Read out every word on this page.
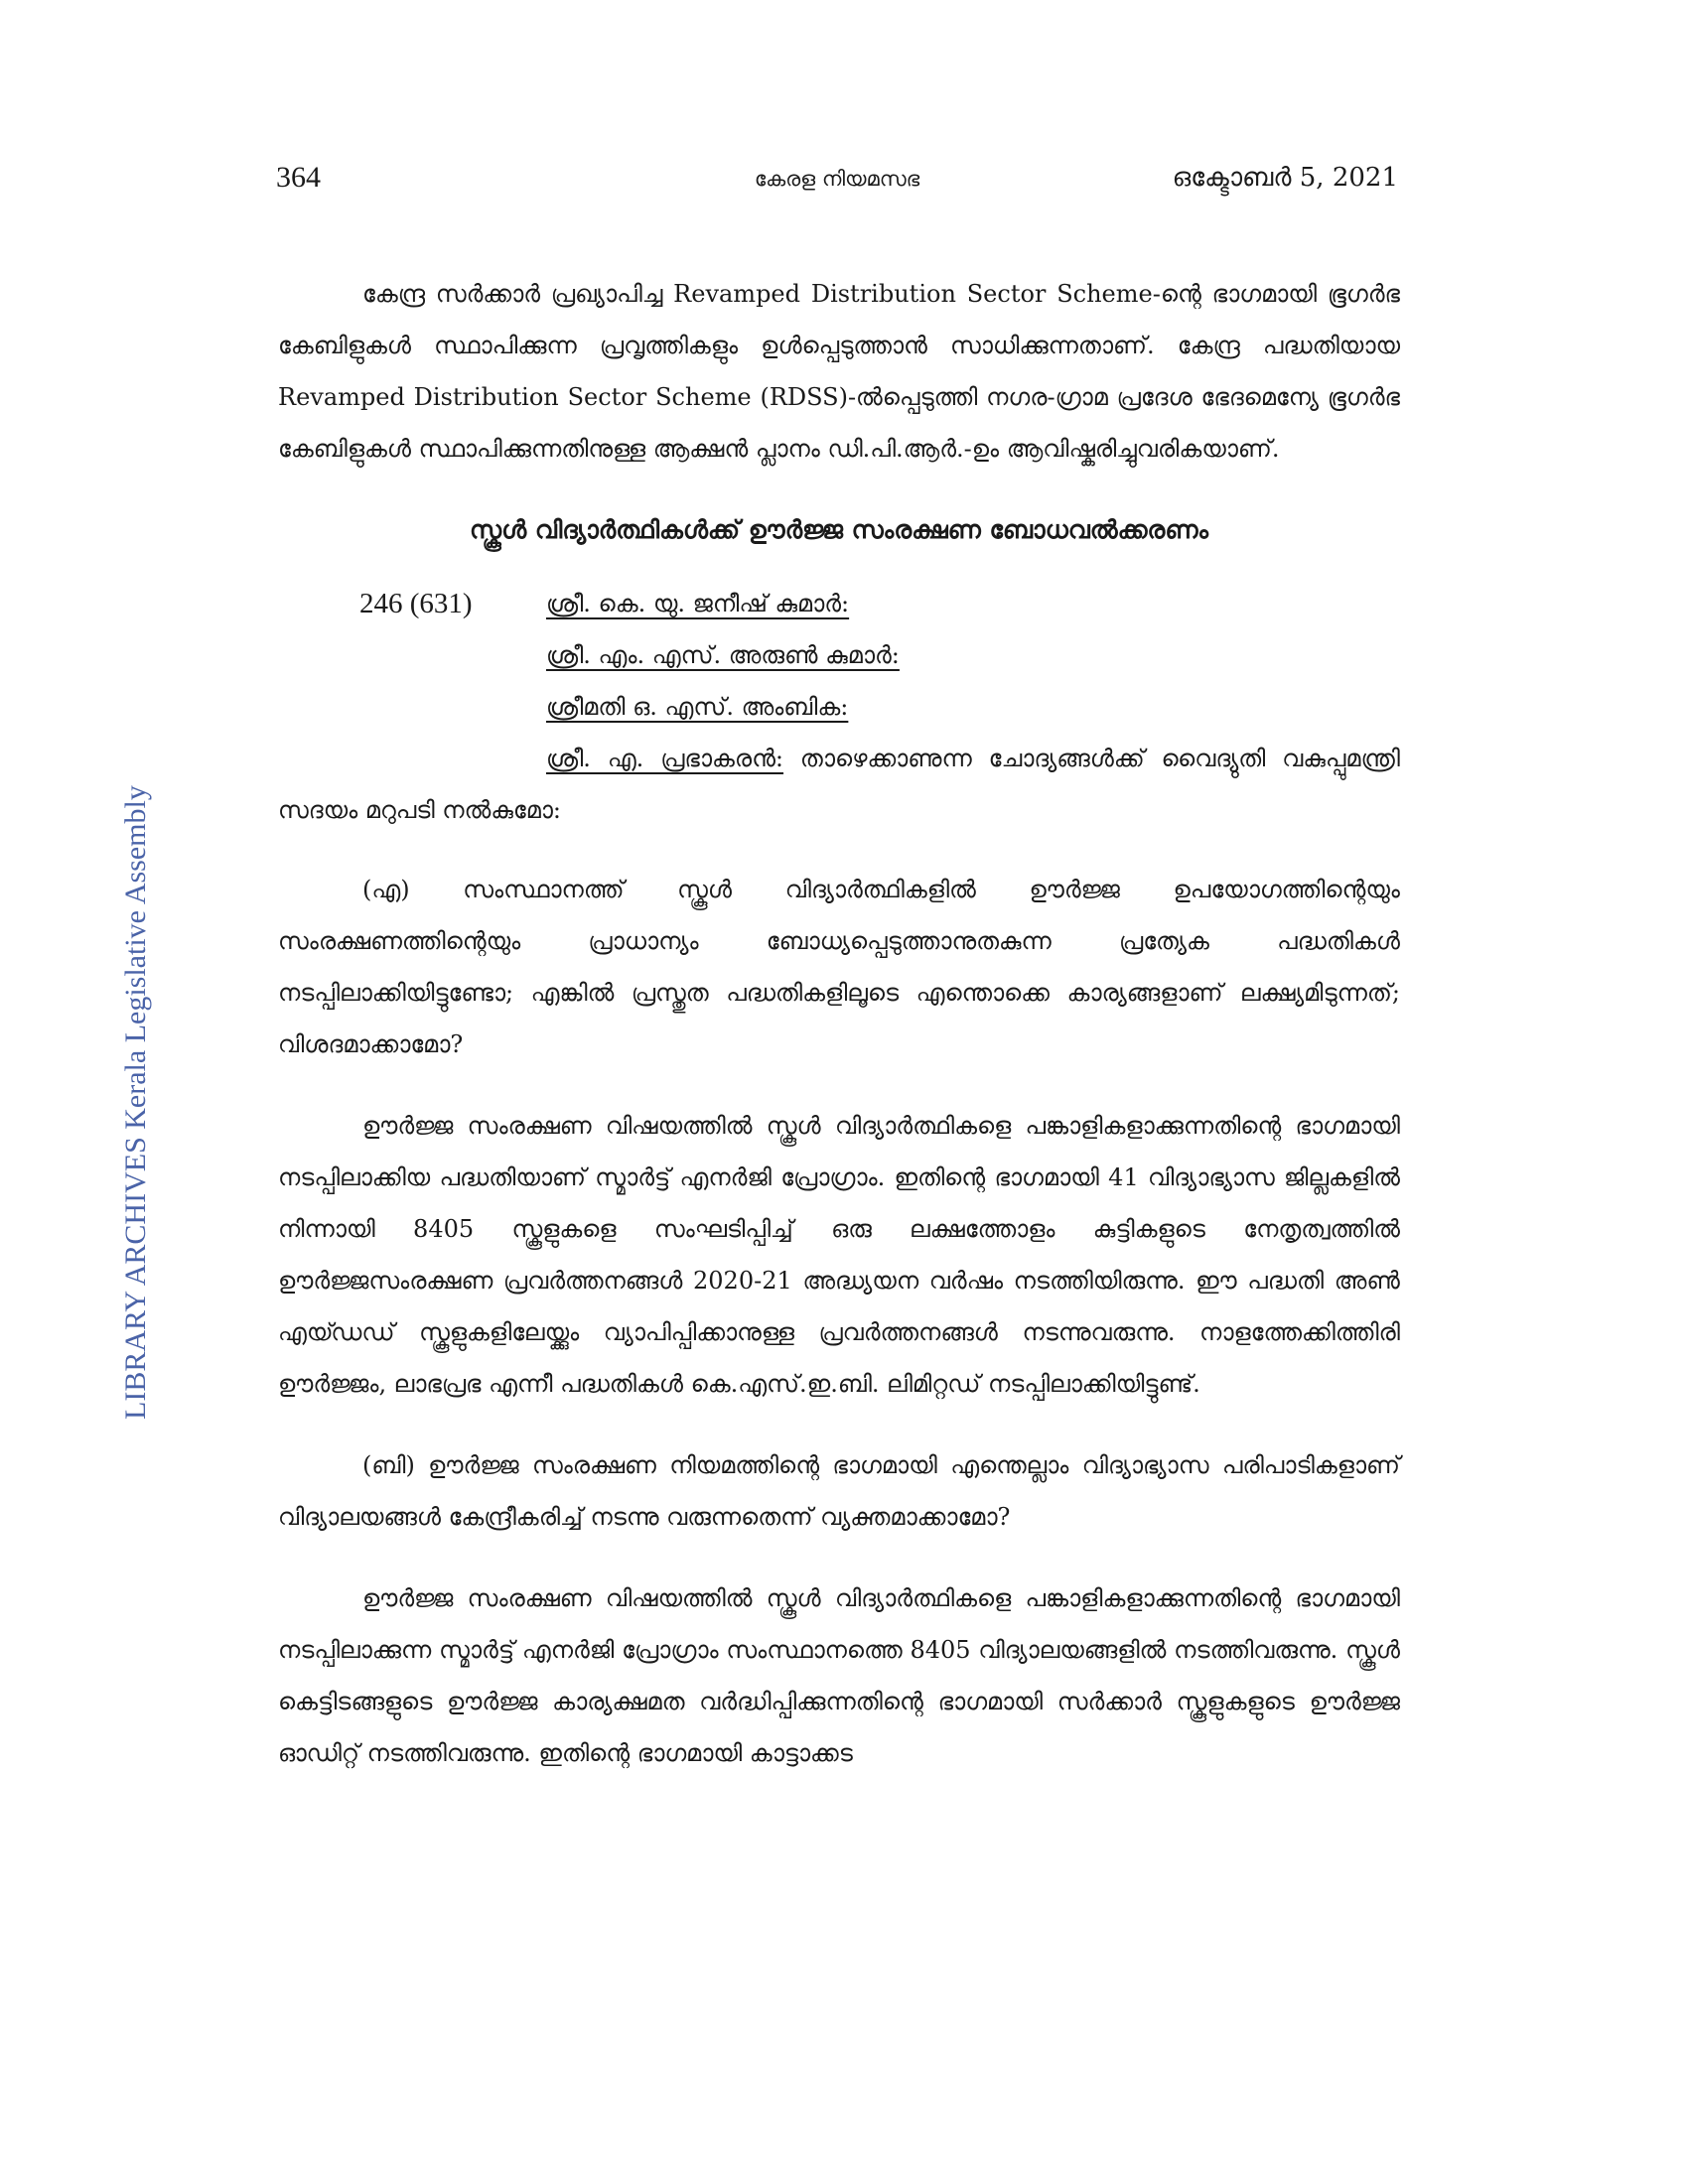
364	കേരള നിയമസഭ	ഒക്ടോബർ 5, 2021
LIBRARY ARCHIVES Kerala Legislative Assembly

കേന്ദ്ര സർക്കാർ പ്രഖ്യാപിച്ച Revamped Distribution Sector Scheme-ന്റെ ഭാഗമായി ഭൂഗർഭ കേബിളുകൾ സ്ഥാപിക്കുന്ന പ്രവൃത്തികളും ഉൾപ്പെടുത്താൻ സാധിക്കുന്നതാണ്. കേന്ദ്ര പദ്ധതിയായ Revamped Distribution Sector Scheme (RDSS)-ൽപ്പെടുത്തി നഗര-ഗ്രാമ പ്രദേശ ഭേദമെന്യേ ഭൂഗർഭ കേബിളുകൾ സ്ഥാപിക്കുന്നതിനുള്ള ആക്ഷൻ പ്ലാനം ഡി.പി.ആർ.-ഉം ആവിഷ്കരിച്ചുവരികയാണ്.

സ്കൂൾ വിദ്യാർത്ഥികൾക്ക് ഊർജ്ജ സംരക്ഷണ ബോധവൽക്കരണം
246 (631)	ശ്രീ. കെ. യു. ജനീഷ് കുമാർ:
ശ്രീ. എം. എസ്. അരുൺ കുമാർ:
ശ്രീമതി ഒ. എസ്. അംബിക:
ശ്രീ. എ. പ്രഭാകരൻ: താഴെക്കാണുന്ന ചോദ്യങ്ങൾക്ക് വൈദ്യുതി വകുപ്പുമന്ത്രി സദയം മറുപടി നൽകുമോ:

(എ) സംസ്ഥാനത്ത് സ്കൂൾ വിദ്യാർത്ഥികളിൽ ഊർജ്ജ ഉപയോഗത്തിന്റെയും സംരക്ഷണത്തിന്റെയും പ്രാധാന്യം ബോധ്യപ്പെടുത്താനുതകുന്ന പ്രത്യേക പദ്ധതികൾ നടപ്പിലാക്കിയിട്ടുണ്ടോ; എങ്കിൽ പ്രസ്തുത പദ്ധതികളിലൂടെ എന്തൊക്കെ കാര്യങ്ങളാണ് ലക്ഷ്യമിടുന്നത്; വിശദമാക്കാമോ?

ഊർജ്ജ സംരക്ഷണ വിഷയത്തിൽ സ്കൂൾ വിദ്യാർത്ഥികളെ പങ്കാളികളാക്കുന്നതിന്റെ ഭാഗമായി നടപ്പിലാക്കിയ പദ്ധതിയാണ് സ്മാർട്ട് എനർജി പ്രോഗ്രാം. ഇതിന്റെ ഭാഗമായി 41 വിദ്യാഭ്യാസ ജില്ലകളിൽ നിന്നായി 8405 സ്കൂളുകളെ സംഘടിപ്പിച്ച് ഒരു ലക്ഷത്തോളം കുട്ടികളുടെ നേതൃത്വത്തിൽ ഊർജ്ജസംരക്ഷണ പ്രവർത്തനങ്ങൾ 2020-21 അദ്ധ്യയന വർഷം നടത്തിയിരുന്നു. ഈ പദ്ധതി അൺ എയ്ഡഡ് സ്കൂളുകളിലേയ്ക്കും വ്യാപിപ്പിക്കാനുള്ള പ്രവർത്തനങ്ങൾ നടന്നുവരുന്നു. നാളത്തേക്കിത്തിരി ഊർജ്ജം, ലാഭപ്രഭ എന്നീ പദ്ധതികൾ കെ.എസ്.ഇ.ബി. ലിമിറ്റഡ് നടപ്പിലാക്കിയിട്ടുണ്ട്.

(ബി) ഊർജ്ജ സംരക്ഷണ നിയമത്തിന്റെ ഭാഗമായി എന്തെല്ലാം വിദ്യാഭ്യാസ പരിപാടികളാണ് വിദ്യാലയങ്ങൾ കേന്ദ്രീകരിച്ച് നടന്നു വരുന്നതെന്ന് വ്യക്തമാക്കാമോ?

ഊർജ്ജ സംരക്ഷണ വിഷയത്തിൽ സ്കൂൾ വിദ്യാർത്ഥികളെ പങ്കാളികളാക്കുന്നതിന്റെ ഭാഗമായി നടപ്പിലാക്കുന്ന സ്മാർട്ട് എനർജി പ്രോഗ്രാം സംസ്ഥാനത്തെ 8405 വിദ്യാലയങ്ങളിൽ നടത്തിവരുന്നു. സ്കൂൾ കെട്ടിടങ്ങളുടെ ഊർജ്ജ കാര്യക്ഷമത വർദ്ധിപ്പിക്കുന്നതിന്റെ ഭാഗമായി സർക്കാർ സ്കൂളുകളുടെ ഊർജ്ജ ഓഡിറ്റ് നടത്തിവരുന്നു. ഇതിന്റെ ഭാഗമായി കാട്ടാക്കട
